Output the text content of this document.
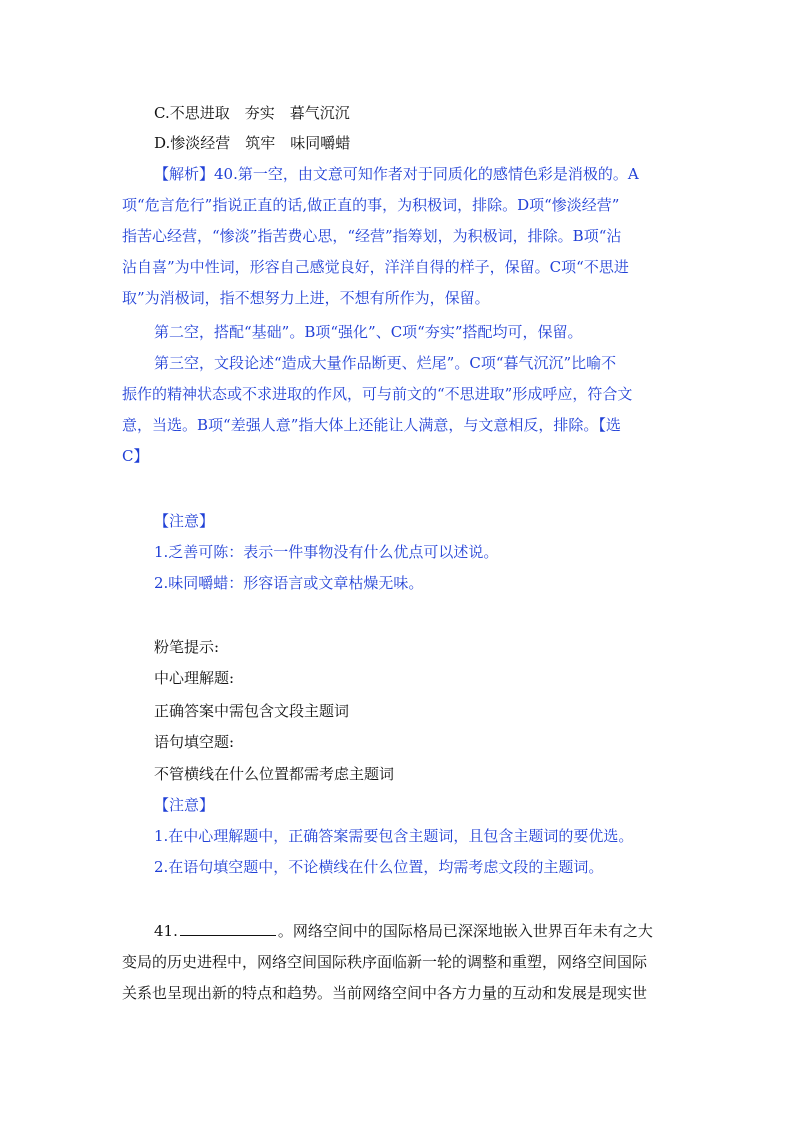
C.不思进取　夯实　暮气沉沉
D.惨淡经营　筑牢　味同嚼蜡
【解析】40.第一空，由文意可知作者对于同质化的感情色彩是消极的。A
项“危言危行”指说正直的话,做正直的事，为积极词，排除。D项“惨淡经营”
指苦心经营，“惨淡”指苦费心思，“经营”指筹划，为积极词，排除。B项“沾
沾自喜”为中性词，形容自己感觉良好，洋洋自得的样子，保留。C项“不思进
取”为消极词，指不想努力上进，不想有所作为，保留。
第二空，搭配“基础”。B项“强化”、C项“夯实”搭配均可，保留。
第三空，文段论述“造成大量作品断更、烂尾”。C项“暮气沉沉”比喻不
振作的精神状态或不求进取的作风，可与前文的“不思进取”形成呼应，符合文
意，当选。B项“差强人意”指大体上还能让人满意，与文意相反，排除。【选
C】
【注意】
1.乏善可陈：表示一件事物没有什么优点可以述说。
2.味同嚼蜡：形容语言或文章枯燥无味。
粉笔提示:
中心理解题:
正确答案中需包含文段主题词
语句填空题:
不管横线在什么位置都需考虑主题词
【注意】
1.在中心理解题中，正确答案需要包含主题词，且包含主题词的要优选。
2.在语句填空题中，不论横线在什么位置，均需考虑文段的主题词。
41.	。网络空间中的国际格局已深深地嵌入世界百年未有之大
变局的历史进程中，网络空间国际秩序面临新一轮的调整和重塑，网络空间国际
关系也呈现出新的特点和趋势。当前网络空间中各方力量的互动和发展是现实世
